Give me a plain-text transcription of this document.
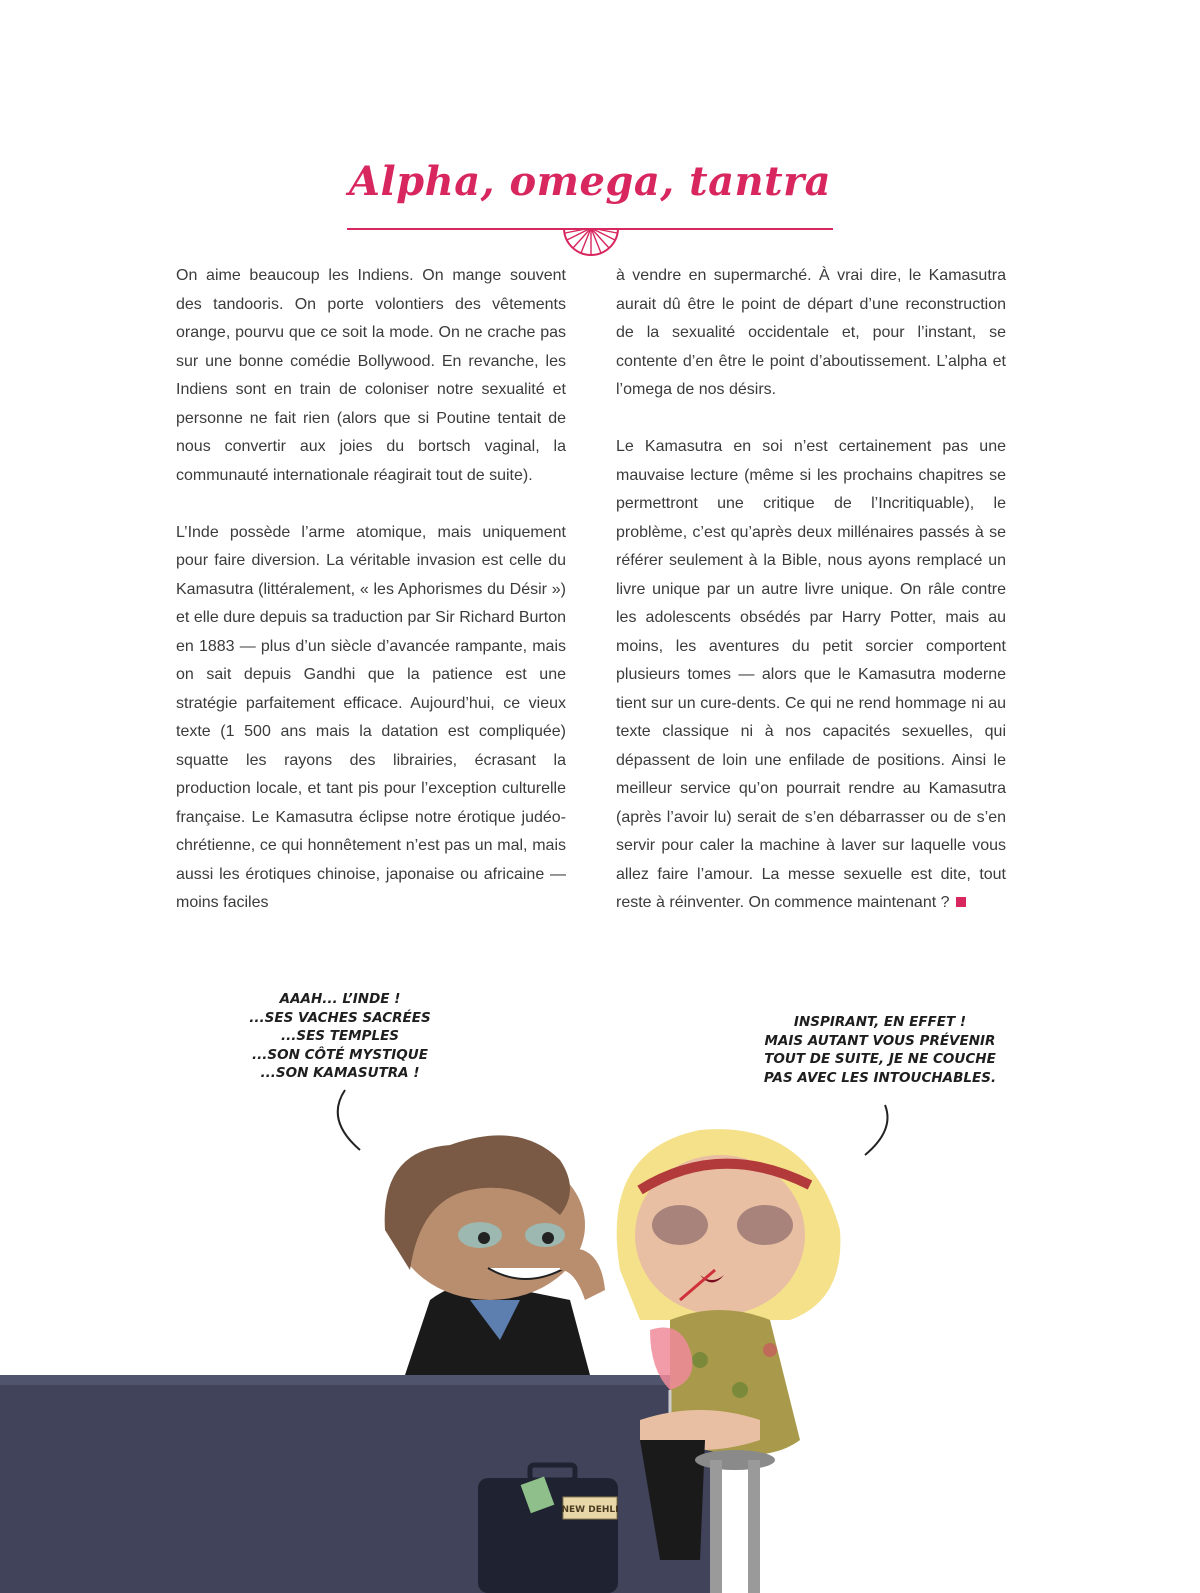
Alpha, omega, tantra

On aime beaucoup les Indiens. On mange souvent des tandooris. On porte volontiers des vêtements orange, pourvu que ce soit la mode. On ne crache pas sur une bonne comédie Bollywood. En revanche, les Indiens sont en train de coloniser notre sexualité et personne ne fait rien (alors que si Poutine tentait de nous convertir aux joies du bortsch vaginal, la communauté internationale réagirait tout de suite).

L’Inde possède l’arme atomique, mais uniquement pour faire diversion. La véritable invasion est celle du Kamasutra (littéralement, « les Aphorismes du Désir ») et elle dure depuis sa traduction par Sir Richard Burton en 1883 — plus d’un siècle d’avancée rampante, mais on sait depuis Gandhi que la patience est une stratégie parfaitement efficace. Aujourd’hui, ce vieux texte (1 500 ans mais la datation est compliquée) squatte les rayons des librairies, écrasant la production locale, et tant pis pour l’exception culturelle française. Le Kamasutra éclipse notre érotique judéo-chrétienne, ce qui honnêtement n’est pas un mal, mais aussi les érotiques chinoise, japonaise ou africaine — moins faciles

à vendre en supermarché. À vrai dire, le Kamasutra aurait dû être le point de départ d’une reconstruction de la sexualité occidentale et, pour l’instant, se contente d’en être le point d’aboutissement. L’alpha et l’omega de nos désirs.

Le Kamasutra en soi n’est certainement pas une mauvaise lecture (même si les prochains chapitres se permettront une critique de l’Incritiquable), le problème, c’est qu’après deux millénaires passés à se référer seulement à la Bible, nous ayons remplacé un livre unique par un autre livre unique. On râle contre les adolescents obsédés par Harry Potter, mais au moins, les aventures du petit sorcier comportent plusieurs tomes — alors que le Kamasutra moderne tient sur un cure-dents. Ce qui ne rend hommage ni au texte classique ni à nos capacités sexuelles, qui dépassent de loin une enfilade de positions. Ainsi le meilleur service qu’on pourrait rendre au Kamasutra (après l’avoir lu) serait de s’en débarrasser ou de s’en servir pour caler la machine à laver sur laquelle vous allez faire l’amour. La messe sexuelle est dite, tout reste à réinventer. On commence maintenant ?

AAAH... L’INDE !
...SES VACHES SACRÉES
...SES TEMPLES
...SON CÔTÉ MYSTIQUE
...SON KAMASUTRA !
INSPIRANT, EN EFFET !
MAIS AUTANT VOUS PRÉVENIR
TOUT DE SUITE, JE NE COUCHE
PAS AVEC LES INTOUCHABLES.
NEW DEHLI
